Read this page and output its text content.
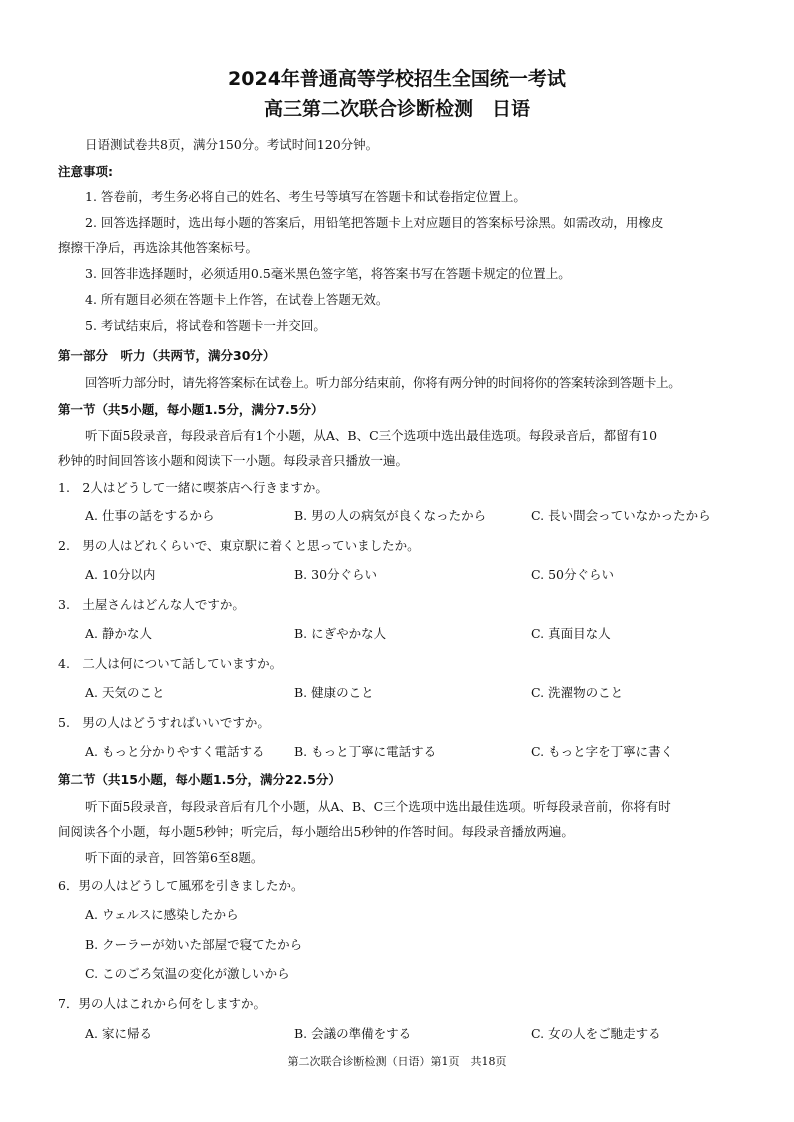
2024年普通高等学校招生全国统一考试
高三第二次联合诊断检测　日语
日语测试卷共8页，满分150分。考试时间120分钟。
注意事项:
1. 答卷前，考生务必将自己的姓名、考生号等填写在答题卡和试卷指定位置上。
2. 回答选择题时，选出每小题的答案后，用铅笔把答题卡上对应题目的答案标号涂黑。如需改动，用橡皮
擦擦干净后，再选涂其他答案标号。
3. 回答非选择题时，必须适用0.5毫米黑色签字笔，将答案书写在答题卡规定的位置上。
4. 所有题目必须在答题卡上作答，在试卷上答题无效。
5. 考试结束后，将试卷和答题卡一并交回。
第一部分　听力（共两节，满分30分）
回答听力部分时，请先将答案标在试卷上。听力部分结束前，你将有两分钟的时间将你的答案转涂到答题卡上。
第一节（共5小题，每小题1.5分，满分7.5分）
听下面5段录音，每段录音后有1个小题，从A、B、C三个选项中选出最佳选项。每段录音后，都留有10
秒钟的时间回答该小题和阅读下一小题。每段录音只播放一遍。
1.　2人はどうして一緒に喫茶店へ行きますか。
A. 仕事の話をするから	B. 男の人の病気が良くなったから	C. 長い間会っていなかったから
2.　男の人はどれくらいで、東京駅に着くと思っていましたか。
A. 10分以内	B. 30分ぐらい	C. 50分ぐらい
3.　土屋さんはどんな人ですか。
A. 静かな人	B. にぎやかな人	C. 真面目な人
4.　二人は何について話していますか。
A. 天気のこと	B. 健康のこと	C. 洗濯物のこと
5.　男の人はどうすればいいですか。
A. もっと分かりやすく電話する B. もっと丁寧に電話する	C. もっと字を丁寧に書く
第二节（共15小题，每小题1.5分，满分22.5分）
听下面5段录音，每段录音后有几个小题，从A、B、C三个选项中选出最佳选项。听每段录音前，你将有时
间阅读各个小题，每小题5秒钟；听完后，每小题给出5秒钟的作答时间。每段录音播放两遍。
听下面的录音，回答第6至8题。
6．男の人はどうして風邪を引きましたか。
A. ウェルスに感染したから
B. クーラーが効いた部屋で寝てたから
C. このごろ気温の変化が激しいから
7．男の人はこれから何をしますか。
A. 家に帰る	B. 会議の準備をする	C. 女の人をご馳走する
第二次联合诊断检测（日语）第1页　共18页
